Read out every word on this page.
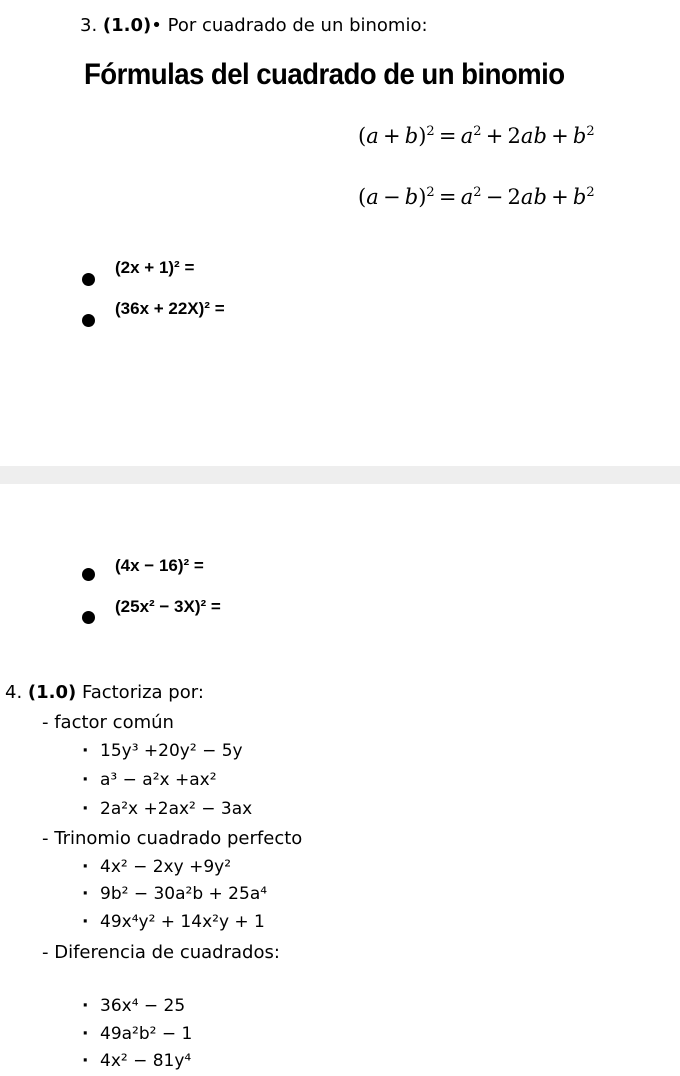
3. (1.0)• Por cuadrado de un binomio:
Fórmulas del cuadrado de un binomio
$(a + b)^2 = a^2 + 2ab + b^2$
$(a - b)^2 = a^2 - 2ab + b^2$
(2x + 1)² =
(36x + 22X)² =
(4x − 16)² =
(25x² − 3X)² =
4. (1.0) Factoriza por:
- factor común
· 15y³ +20y² − 5y
· a³ − a²x +ax²
· 2a²x +2ax² − 3ax
- Trinomio cuadrado perfecto
· 4x² − 2xy +9y²
· 9b² − 30a²b + 25a⁴
· 49x⁴y² + 14x²y + 1
- Diferencia de cuadrados:
· 36x⁴ − 25
· 49a²b² − 1
· 4x² − 81y⁴
